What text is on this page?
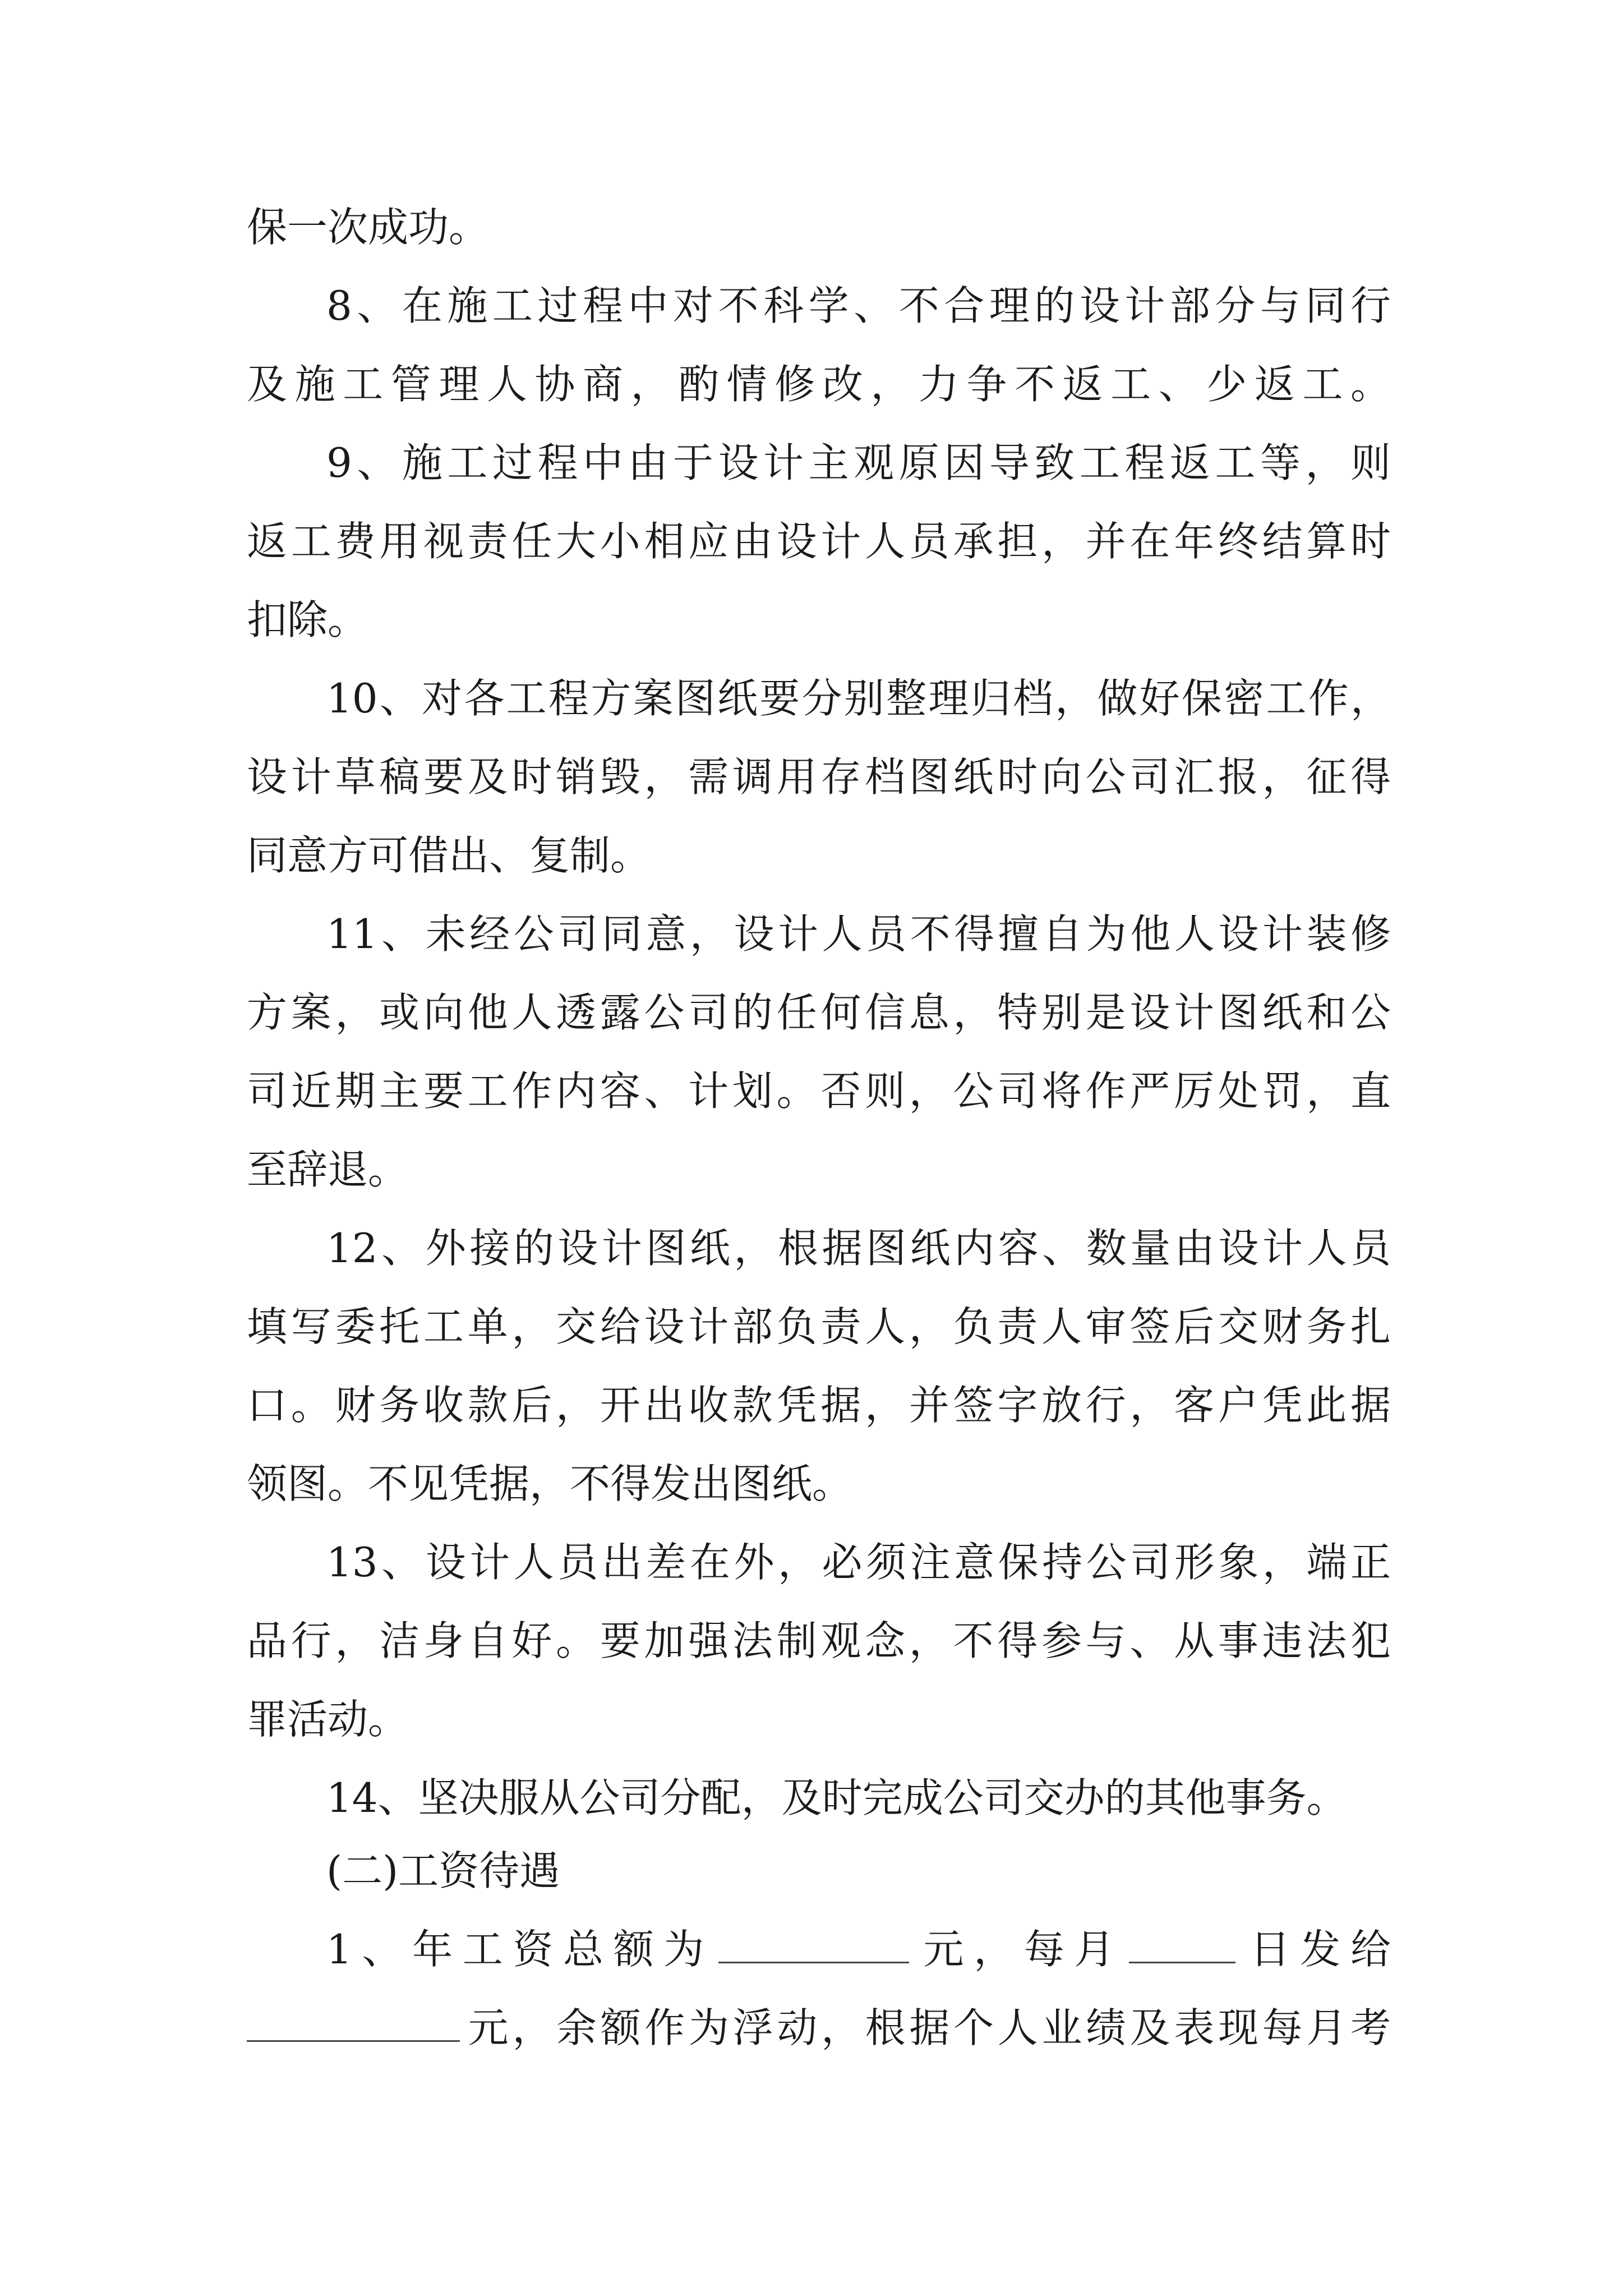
保一次成功。
8、在施工过程中对不科学、不合理的设计部分与同行
及施工管理人协商，酌情修改，力争不返工、少返工。
9、施工过程中由于设计主观原因导致工程返工等，则
返工费用视责任大小相应由设计人员承担，并在年终结算时
扣除。
10、对各工程方案图纸要分别整理归档，做好保密工作，
设计草稿要及时销毁，需调用存档图纸时向公司汇报，征得
同意方可借出、复制。
11、未经公司同意，设计人员不得擅自为他人设计装修
方案，或向他人透露公司的任何信息，特别是设计图纸和公
司近期主要工作内容、计划。否则，公司将作严厉处罚，直
至辞退。
12、外接的设计图纸，根据图纸内容、数量由设计人员
填写委托工单，交给设计部负责人，负责人审签后交财务扎
口。财务收款后，开出收款凭据，并签字放行，客户凭此据
领图。不见凭据，不得发出图纸。
13、设计人员出差在外，必须注意保持公司形象，端正
品行，洁身自好。要加强法制观念，不得参与、从事违法犯
罪活动。
14、坚决服从公司分配，及时完成公司交办的其他事务。
(二)工资待遇
1、年工资总额为	元，每月	日发给
元，余额作为浮动，根据个人业绩及表现每月考
